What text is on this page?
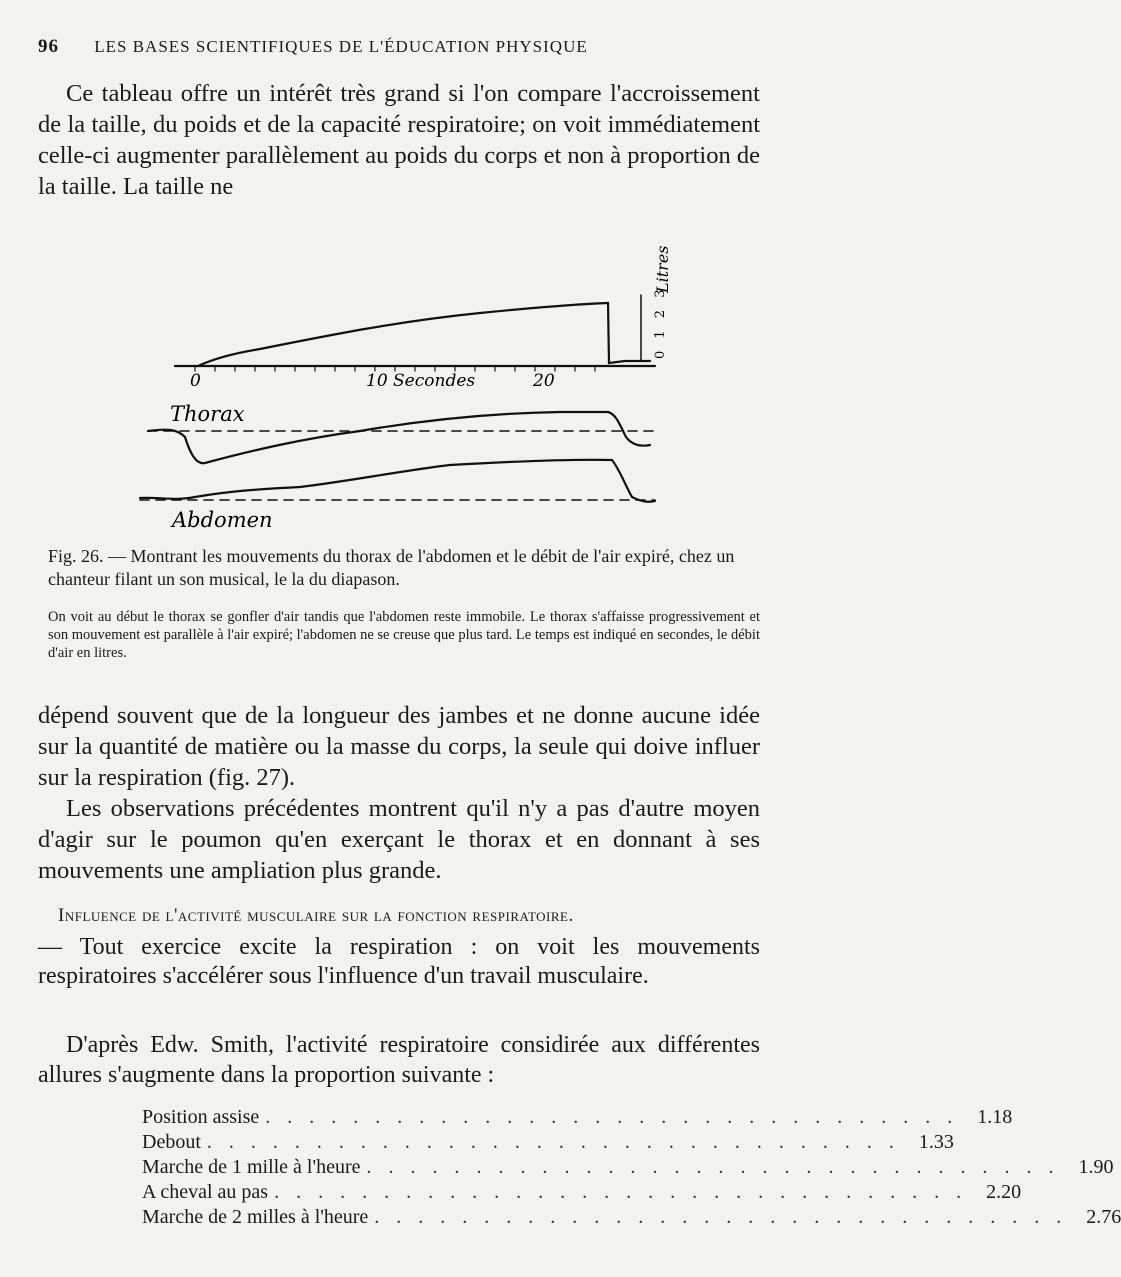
96 LES BASES SCIENTIFIQUES DE L'ÉDUCATION PHYSIQUE

Ce tableau offre un intérêt très grand si l'on compare l'accroissement de la taille, du poids et de la capacité respiratoire; on voit immédiatement celle-ci augmenter parallèlement au poids du corps et non à proportion de la taille. La taille ne

0	10 Secondes	20
Litres
0 1 2 3
Thorax
Abdomen
Fig. 26. — Montrant les mouvements du thorax de l'abdomen et le débit de l'air expiré, chez un chanteur filant un son musical, le la du diapason.
On voit au début le thorax se gonfler d'air tandis que l'abdomen reste immobile. Le thorax s'affaisse progressivement et son mouvement est parallèle à l'air expiré; l'abdomen ne se creuse que plus tard. Le temps est indiqué en secondes, le débit d'air en litres.

dépend souvent que de la longueur des jambes et ne donne aucune idée sur la quantité de matière ou la masse du corps, la seule qui doive influer sur la respiration (fig. 27).

Les observations précédentes montrent qu'il n'y a pas d'autre moyen d'agir sur le poumon qu'en exerçant le thorax et en donnant à ses mouvements une ampliation plus grande.

Influence de l'activité musculaire sur la fonction respiratoire.

— Tout exercice excite la respiration : on voit les mouvements respiratoires s'accélérer sous l'influence d'un travail musculaire.

D'après Edw. Smith, l'activité respiratoire considirée aux différentes allures s'augmente dans la proportion suivante :

Position assise . . . . . . . . . . . . . . . . . . . . . . . . . . . . . . . . 1.18
Debout . . . . . . . . . . . . . . . . . . . . . . . . . . . . . . . . 1.33
Marche de 1 mille à l'heure . . . . . . . . . . . . . . . . . . . . . . . . . . . . . . . . 1.90
A cheval au pas . . . . . . . . . . . . . . . . . . . . . . . . . . . . . . . . 2.20
Marche de 2 milles à l'heure . . . . . . . . . . . . . . . . . . . . . . . . . . . . . . . . 2.76
